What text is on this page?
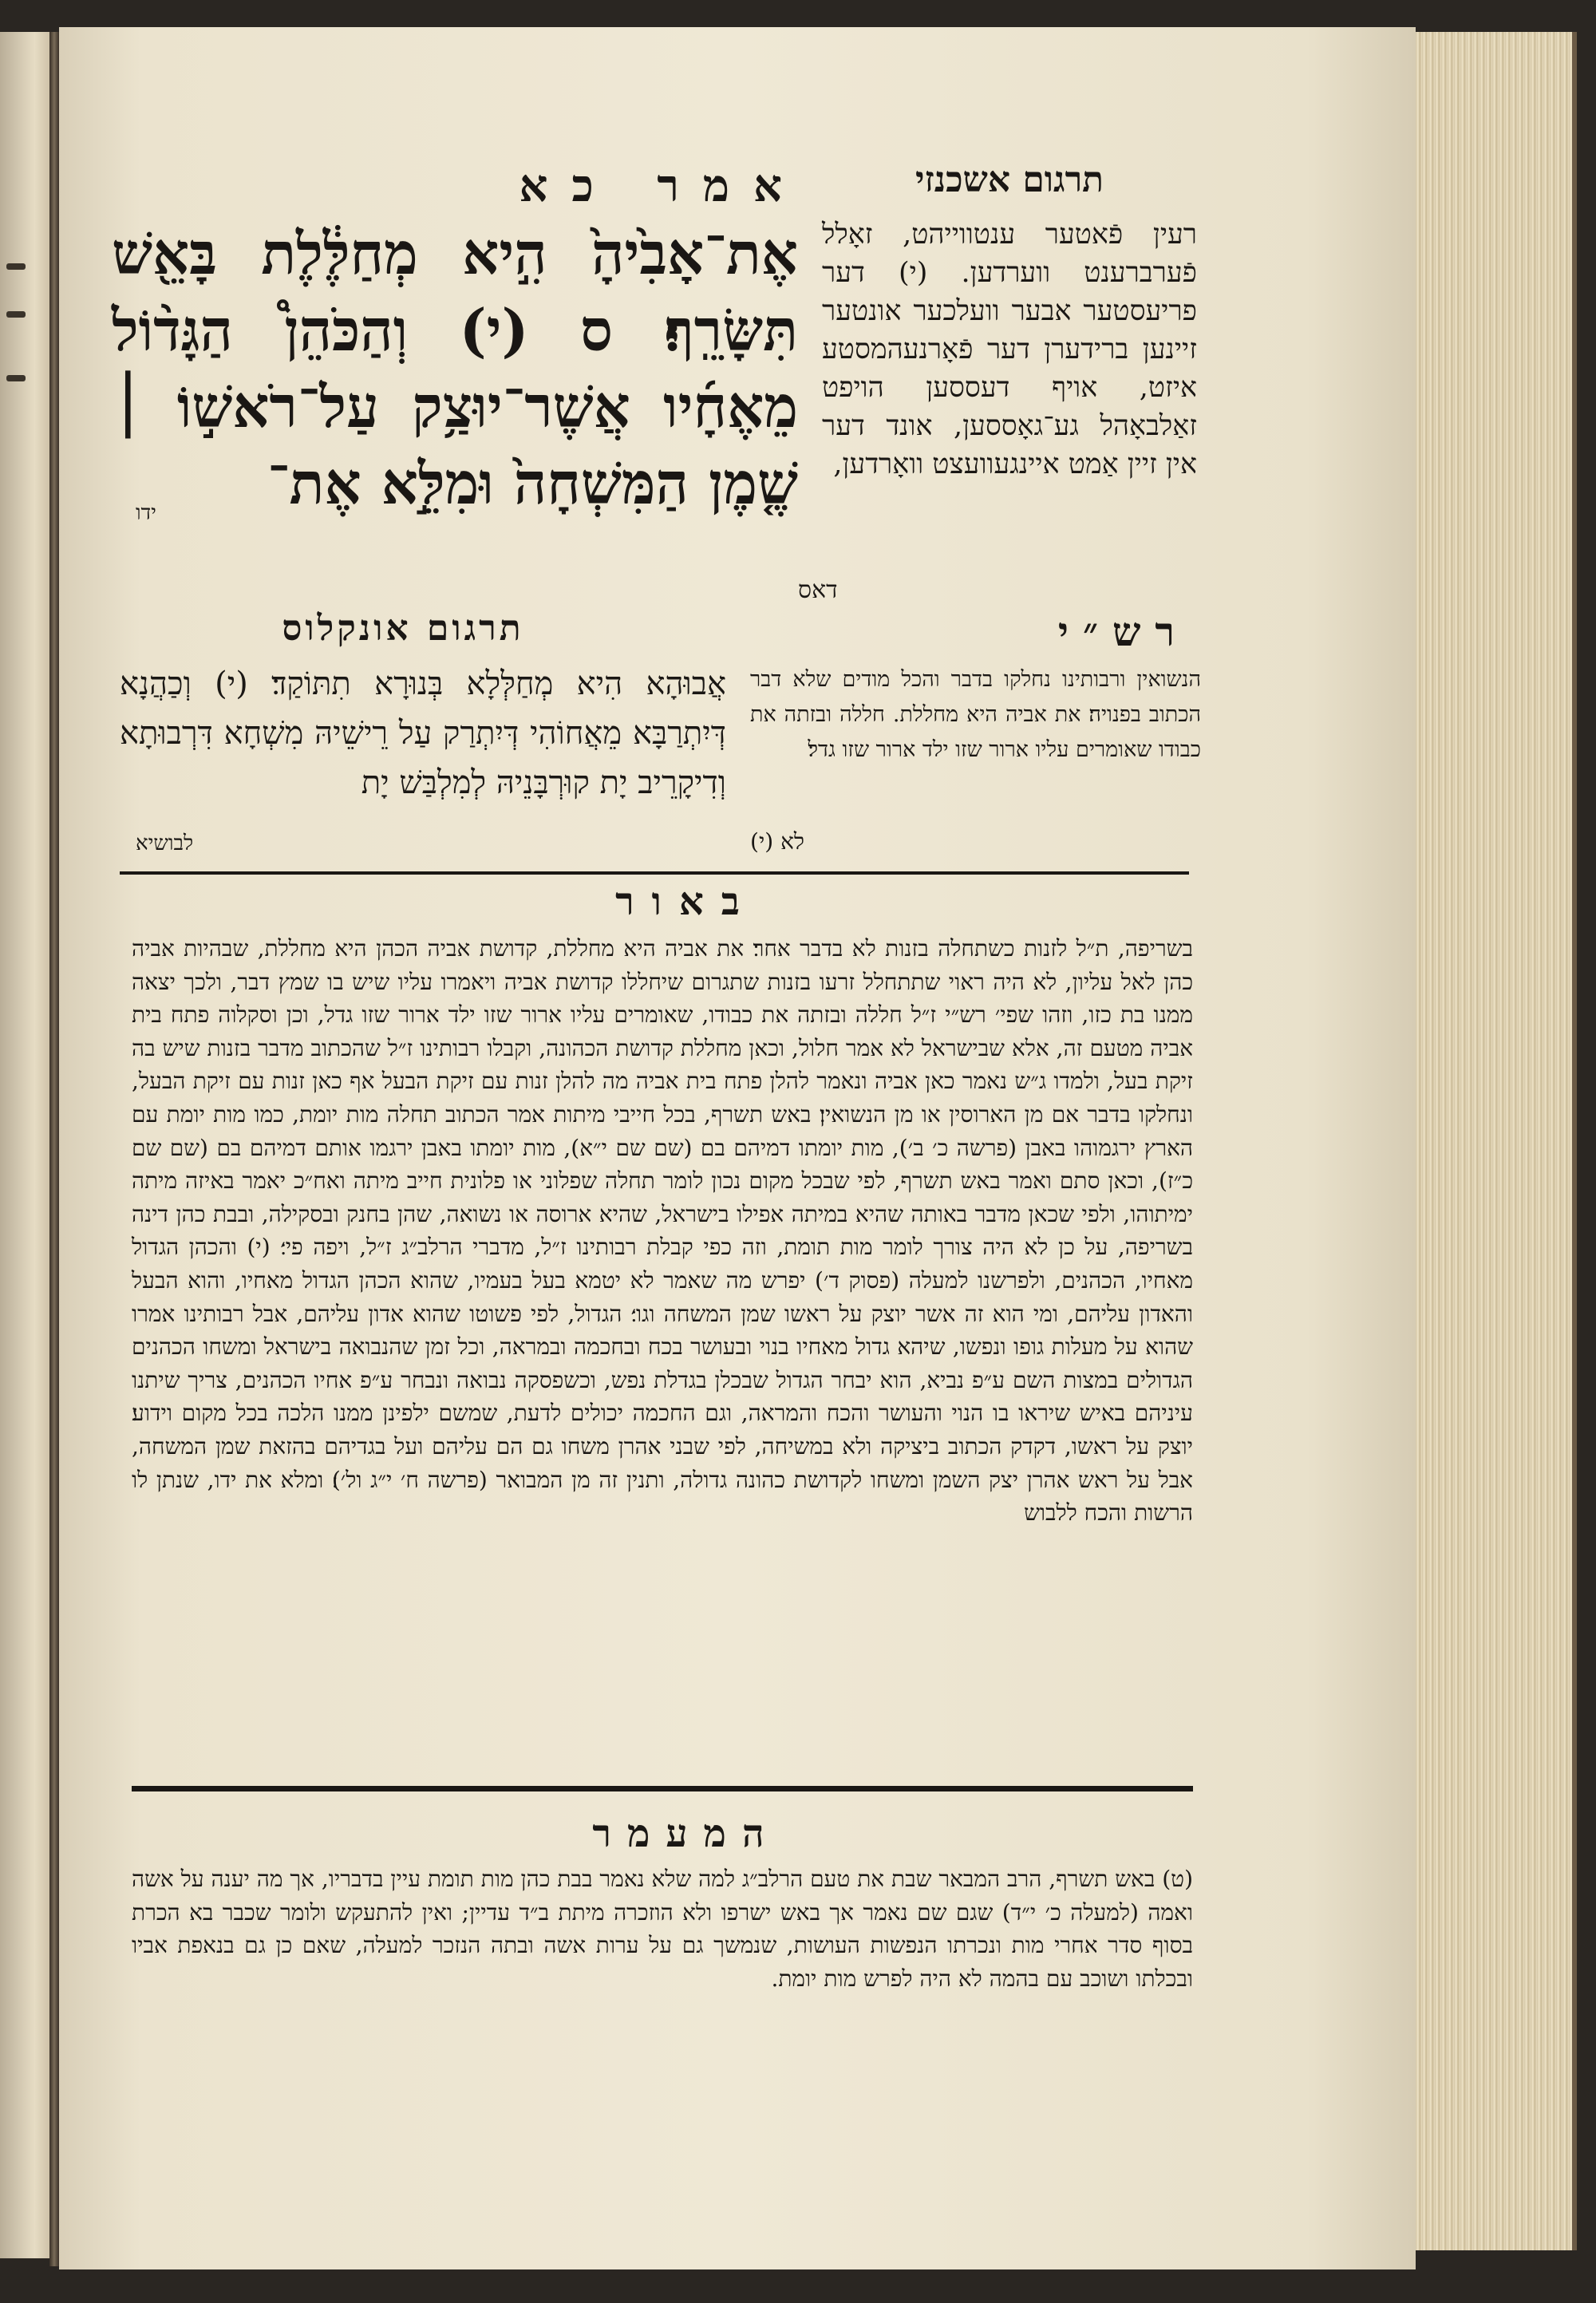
תרגום אשכנזי
אמר כא
אֶת־אָבִ֙יהָ֙ הִ֣יא מְחַלֶּ֔לֶת בָּאֵ֖שׁ תִּשָּׂרֵֽף׃ ס (י) וְהַכֹּהֵן֩ הַגָּד֨וֹל מֵאֶחָ֜יו אֲשֶׁר־יוּצַ֥ק עַל־רֹאשׁ֣וֹ ׀ שֶׁ֤מֶן הַמִּשְׁחָה֙ וּמִלֵּ֣א אֶת־
ידו
רעין פֿאטער ענטווייהט, זאָלל פֿערברענט ווערדען. (י) דער פריעסטער אבער וועלכער אונטער זיינען ברידערן דער פֿאָרנעהמסטע איזט, אויף דעססען הויפט זאַלבאָהל גע־גאָססען, אונד דער אין זיין אַמט איינגעוועצט וואָרדען,
דאס
תרגום אונקלוס
אֲבוּהָא הִיא מְחַלְּלָא בְּנוּרָא תִתּוֹקַד׃ (י) וְכַהֲנָא דְּיִתְרַבָּא מֵאֲחוֹהִי דְּיִתְרַק עַל רֵישֵׁיהּ מִשְׁחָא דִּרְבוּתָא וְדִיקָרֵיב יָת קוּרְבָּנֵיהּ לְמִלְבַּשׁ יָת
לבושיא
רש״י
הנשואין ורבותינו נחלקו בדבר והכל מודים שלא דבר הכתוב בפנויה׃ את אביה היא מחללת. חללה ובזתה את כבודו שאומרים עליו ארור שזו ילד ארור שזו גדל׃
(י) לא
באור
בשריפה, ת״ל לזנות כשתחלה בזנות לא בדבר אחר׃ את אביה היא מחללת, קדושת אביה הכהן היא מחללת, שבהיות אביה כהן לאל עליון, לא היה ראוי שתתחלל זרעו בזנות שתגרום שיחללו קדושת אביה ויאמרו עליו שיש בו שמץ דבר, ולכך יצאה ממנו בת כזו, וזהו שפי׳ רש״י ז״ל חללה ובזתה את כבודו, שאומרים עליו ארור שזו ילד ארור שזו גדל, וכן וסקלוה פתח בית אביה מטעם זה, אלא שבישראל לא אמר חלול, וכאן מחללת קדושת הכהונה, וקבלו רבותינו ז״ל שהכתוב מדבר בזנות שיש בה זיקת בעל, ולמדו ג״ש נאמר כאן אביה ונאמר להלן פתח בית אביה מה להלן זנות עם זיקת הבעל אף כאן זנות עם זיקת הבעל, ונחלקו בדבר אם מן הארוסין או מן הנשואין׃ באש תשרף, בכל חייבי מיתות אמר הכתוב תחלה מות יומת, כמו מות יומת עם הארץ ירגמוהו באבן (פרשה כ׳ ב׳), מות יומתו דמיהם בם (שם שם י״א), מות יומתו באבן ירגמו אותם דמיהם בם (שם שם כ״ז), וכאן סתם ואמר באש תשרף, לפי שבכל מקום נכון לומר תחלה שפלוני או פלונית חייב מיתה ואח״כ יאמר באיזה מיתה ימיתוהו, ולפי שכאן מדבר באותה שהיא במיתה אפילו בישראל, שהיא ארוסה או נשואה, שהן בחנק ובסקילה, ובבת כהן דינה בשריפה, על כן לא היה צורך לומר מות תומת, וזה כפי קבלת רבותינו ז״ל, מדברי הרלב״ג ז״ל, ויפה פי׳׃ (י) והכהן הגדול מאחיו, הכהנים, ולפרשנו למעלה (פסוק ד׳) יפרש מה שאמר לא יטמא בעל בעמיו, שהוא הכהן הגדול מאחיו, והוא הבעל והאדון עליהם, ומי הוא זה אשר יוצק על ראשו שמן המשחה וגו׳׃ הגדול, לפי פשוטו שהוא אדון עליהם, אבל רבותינו אמרו שהוא על מעלות גופו ונפשו, שיהא גדול מאחיו בנוי ובעושר בכח ובחכמה ובמראה, וכל זמן שהנבואה בישראל ומשחו הכהנים הגדולים במצות השם ע״פ נביא, הוא יבחר הגדול שבכלן בגדלת נפש, וכשפסקה נבואה ונבחר ע״פ אחיו הכהנים, צריך שיתנו עיניהם באיש שיראו בו הנוי והעושר והכח והמראה, וגם החכמה יכולים לדעת, שמשם ילפינן ממנו הלכה בכל מקום וידוע׃ יוצק על ראשו, דקדק הכתוב ביציקה ולא במשיחה, לפי שבני אהרן משחו גם הם עליהם ועל בגדיהם בהזאת שמן המשחה, אבל על ראש אהרן יצק השמן ומשחו לקדושת כהונה גדולה, ותנין זה מן המבואר (פרשה ח׳ י״ג ול׳)׃ ומלא את ידו, שנתן לו הרשות והכח ללבוש
המעמר
(ט) באש תשרף, הרב המבאר שבת את טעם הרלב״ג למה שלא נאמר בבת כהן מות תומת עיין בדבריו, אך מה יענה על אשה ואמה (למעלה כ׳ י״ד) שגם שם נאמר אך באש ישרפו ולא הוזכרה מיתת ב״ד עדיין; ואין להתעקש ולומר שכבר בא הכרת בסוף סדר אחרי מות ונכרתו הנפשות העושות, שנמשך גם על ערות אשה ובתה הנזכר למעלה, שאם כן גם בנאפת אביו ובכלתו ושוכב עם בהמה לא היה לפרש מות יומת.
